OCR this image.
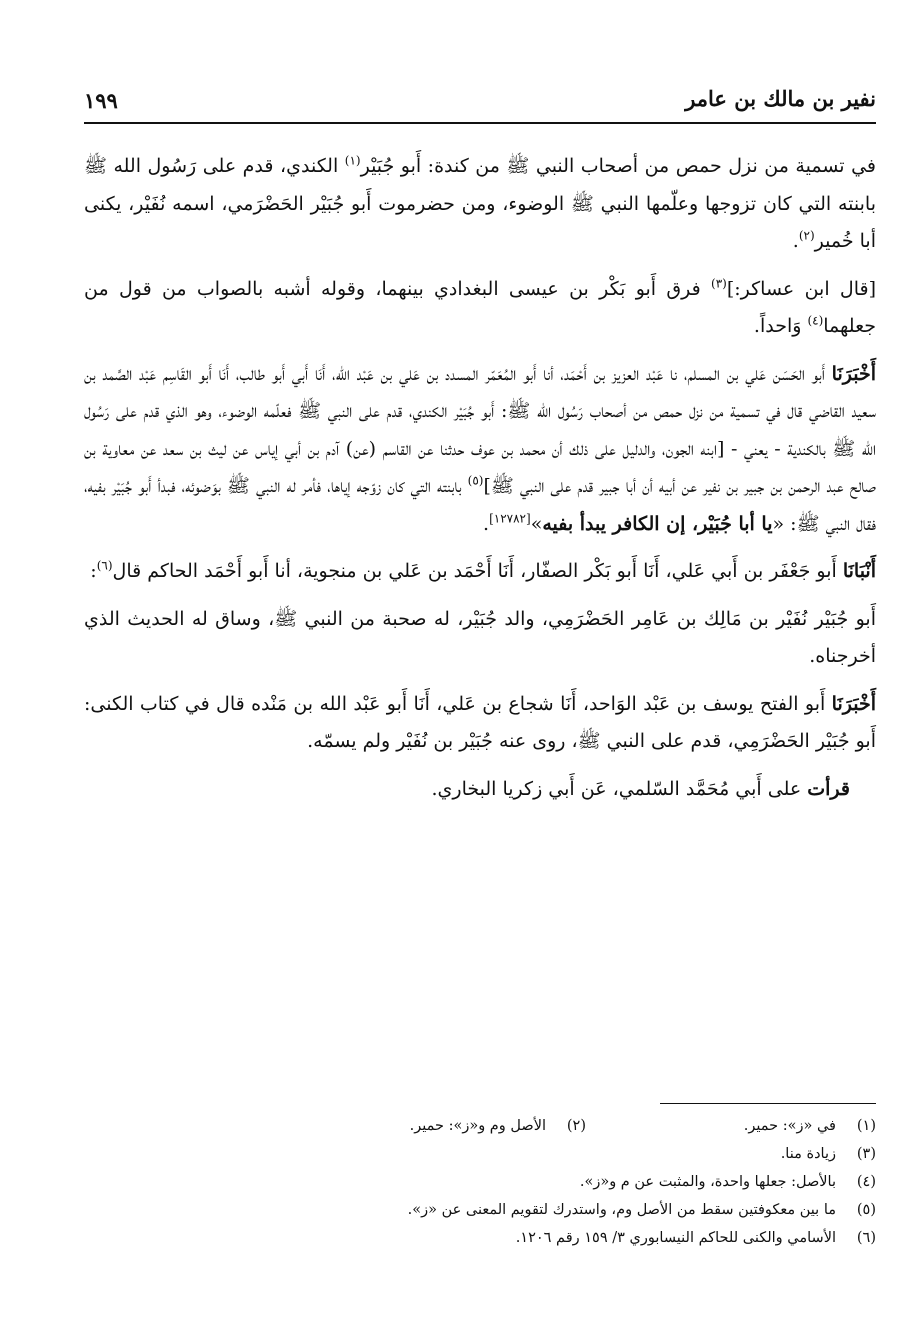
نفير بن مالك بن عامر
١٩٩

في تسمية من نزل حمص من أصحاب النبي ﷺ من كندة: أَبو جُبَيْر$^{(١)}$ الكندي، قدم على رَسُول الله ﷺ بابنته التي كان تزوجها وعلّمها النبي ﷺ الوضوء، ومن حضرموت أَبو جُبَيْر الحَضْرَمي، اسمه نُفَيْر، يكنى أبا خُمير$^{(٢)}$.

[قال ابن عساكر:]$^{(٣)}$ فرق أَبو بَكْر بن عيسى البغدادي بينهما، وقوله أشبه بالصواب من قول من جعلهما$^{(٤)}$ وَاحداً.

أَخْبَرَنَا أَبو الحَسَن عَلي بن المسلم، نا عَبْد العزيز بن أَحْمَد، أنا أَبو المُعَمّر المسدد بن عَلي بن عَبْد الله، أَنَا أَبي أَبو طالب، أَنَا أَبو القَاسِم عَبْد الصَّمد بن سعيد القاضي قال في تسمية من نزل حمص من أصحاب رَسُول الله ﷺ: أَبو جُبَيْر الكندي، قدم على النبي ﷺ فعلّمه الوضوء، وهو الذي قدم على رَسُول الله ﷺ بالكندية - يعني - [ابنه الجون، والدليل على ذلك أن محمد بن عوف حدثنا عن القاسم (عن) آدم بن أبي إياس عن ليث بن سعد عن معاوية بن صالح عبد الرحمن بن جبير بن نفير عن أبيه أن أبا جبير قدم على النبي ﷺ]$^{(٥)}$ بابنته التي كان زوّجه إياها، فأمر له النبي ﷺ بوَضوئه، فبدأ أَبو جُبَيْر بفيه، فقال النبي ﷺ: «يا أبا جُبَيْر، إن الكافر يبدأ بفيه»[١٢٧٨٢].

أَنْبَانَا أَبو جَعْفَر بن أَبي عَلي، أَنَا أَبو بَكْر الصفّار، أَنَا أَحْمَد بن عَلي بن منجوية، أنا أَبو أَحْمَد الحاكم قال$^{(٦)}$:

أَبو جُبَيْر نُفَيْر بن مَالِك بن عَامِر الحَضْرَمِي، والد جُبَيْر، له صحبة من النبي ﷺ، وساق له الحديث الذي أخرجناه.

أَخْبَرَنَا أَبو الفتح يوسف بن عَبْد الوَاحد، أَنَا شجاع بن عَلي، أَنَا أَبو عَبْد الله بن مَنْده قال في كتاب الكنى: أَبو جُبَيْر الحَضْرَمِي، قدم على النبي ﷺ، روى عنه جُبَيْر بن نُفَيْر ولم يسمّه.

قرأت على أَبي مُحَمَّد السّلمي، عَن أَبي زكريا البخاري.

(١)
في «ز»: حمير.
(٢)
الأصل وم و«ز»: حمير.
(٣)
زيادة منا.
(٤)
بالأصل: جعلها واحدة، والمثبت عن م و«ز».
(٥)
ما بين معكوفتين سقط من الأصل وم، واستدرك لتقويم المعنى عن «ز».
(٦)
الأسامي والكنى للحاكم النيسابوري ٣/ ١٥٩ رقم ١٢٠٦.
